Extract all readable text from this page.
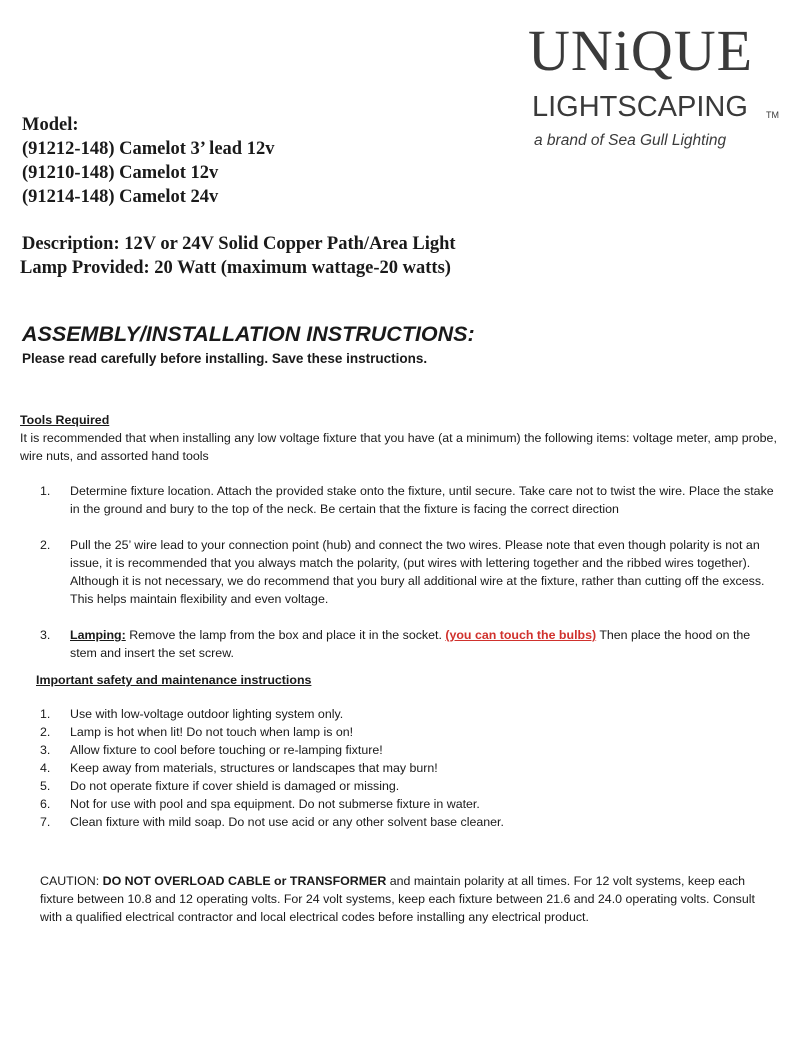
UNiQUE
LIGHTSCAPING TM
a brand of Sea Gull Lighting
Model:
(91212-148) Camelot 3’ lead 12v
(91210-148) Camelot 12v
(91214-148) Camelot 24v
Description: 12V or 24V Solid Copper Path/Area Light
Lamp Provided: 20 Watt (maximum wattage-20 watts)
ASSEMBLY/INSTALLATION INSTRUCTIONS:
Please read carefully before installing. Save these instructions.
Tools Required
It is recommended that when installing any low voltage fixture that you have (at a minimum) the following items: voltage meter, amp probe, wire nuts, and assorted hand tools
1. Determine fixture location. Attach the provided stake onto the fixture, until secure. Take care not to twist the wire. Place the stake in the ground and bury to the top of the neck. Be certain that the fixture is facing the correct direction
2. Pull the 25’ wire lead to your connection point (hub) and connect the two wires. Please note that even though polarity is not an issue, it is recommended that you always match the polarity, (put wires with lettering together and the ribbed wires together). Although it is not necessary, we do recommend that you bury all additional wire at the fixture, rather than cutting off the excess. This helps maintain flexibility and even voltage.
3. Lamping: Remove the lamp from the box and place it in the socket. (you can touch the bulbs) Then place the hood on the stem and insert the set screw.
Important safety and maintenance instructions
1. Use with low-voltage outdoor lighting system only.
2. Lamp is hot when lit! Do not touch when lamp is on!
3. Allow fixture to cool before touching or re-lamping fixture!
4. Keep away from materials, structures or landscapes that may burn!
5. Do not operate fixture if cover shield is damaged or missing.
6. Not for use with pool and spa equipment. Do not submerse fixture in water.
7. Clean fixture with mild soap. Do not use acid or any other solvent base cleaner.
CAUTION: DO NOT OVERLOAD CABLE or TRANSFORMER and maintain polarity at all times. For 12 volt systems, keep each fixture between 10.8 and 12 operating volts. For 24 volt systems, keep each fixture between 21.6 and 24.0 operating volts. Consult with a qualified electrical contractor and local electrical codes before installing any electrical product.
